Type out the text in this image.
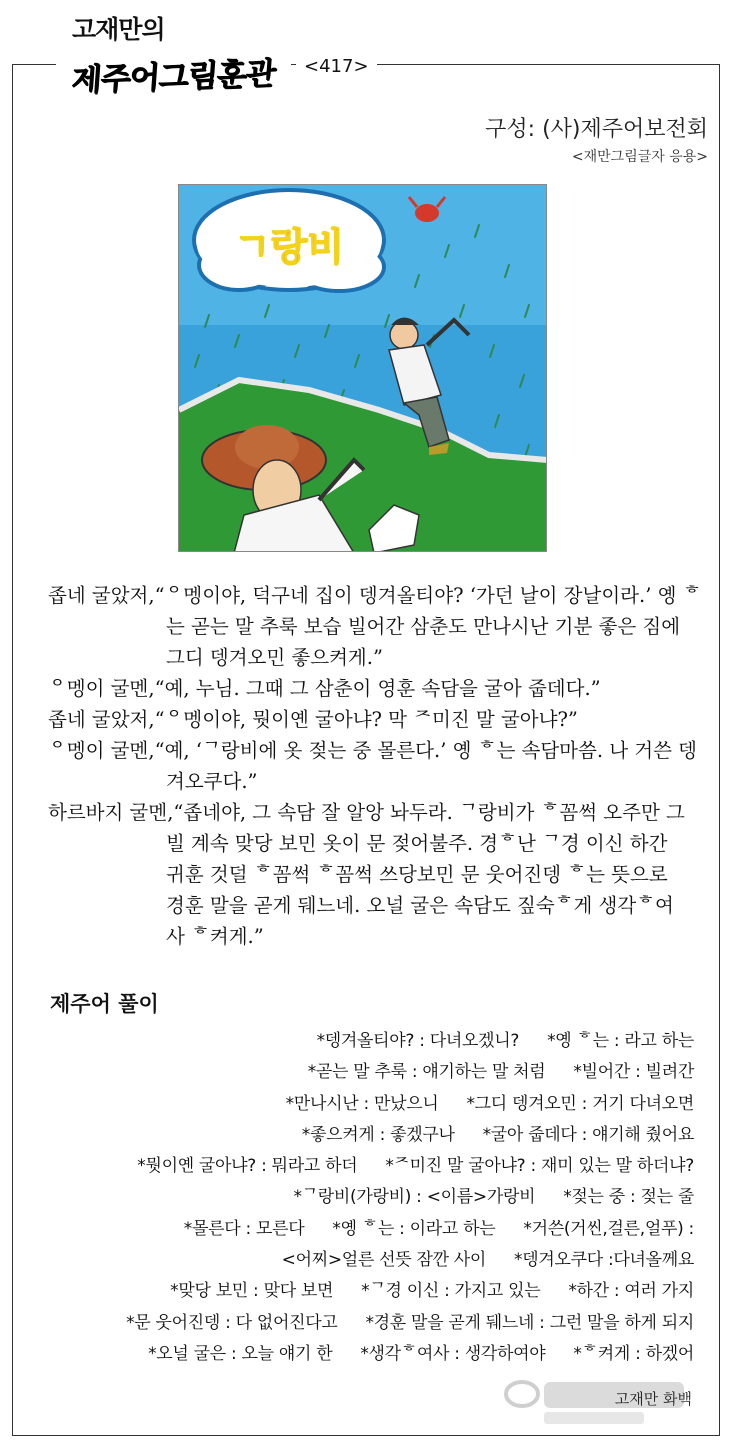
고재만의
제주어그림훈관	<417>
구성: (사)제주어보전회
<재만그림글자 응용>
ㄱ랑비
좁네 굴았저, “ᄋ멩이야, 덕구네 집이 뎅겨올티야? ‘가던 날이 장날이라.’ 옝 ᄒ
는 곧는 말 추룩 보습 빌어간 삼춘도 만나시난 기분 좋은 짐에
그디 뎅겨오민 좋으켜게.”
ᄋ멩이 굴멘, “예, 누님. 그때 그 삼춘이 영훈 속담을 굴아 줍데다.”
좁네 굴았저, “ᄋ멩이야, 뭣이옌 굴아냐? 막 ᄌ미진 말 굴아냐?”
ᄋ멩이 굴멘, “예, ‘ᄀ랑비에 옷 젖는 중 몰른다.’ 옝 ᄒ는 속담마씀. 나 거쓴 뎅
겨오쿠다.”
하르바지 굴멘, “좁네야, 그 속담 잘 알앙 놔두라. ᄀ랑비가 ᄒ꼼썩 오주만 그
빌 계속 맞당 보민 옷이 문 젖어불주. 경ᄒ난 ᄀ경 이신 하간
귀훈 것덜 ᄒ꼼썩 ᄒ꼼썩 쓰당보민 문 웃어진뎅 ᄒ는 뜻으로
경훈 말을 곧게 뒈느네. 오널 굴은 속담도 짚숙ᄒ게 생각ᄒ여
사 ᄒ켜게.”
제주어 풀이
*뎅겨올티야? : 다녀오겠니? *옝 ᄒ는 : 라고 하는
*곧는 말 추룩 : 얘기하는 말 처럼 *빌어간 : 빌려간
*만나시난 : 만났으니 *그디 뎅겨오민 : 거기 다녀오면
*좋으켜게 : 좋겠구나 *굴아 줍데다 : 얘기해 줬어요
*뭣이옌 굴아냐? : 뭐라고 하더 *ᄌ미진 말 굴아냐? : 재미 있는 말 하더냐?
*ᄀ랑비(가랑비) : <이름>가랑비 *젖는 중 : 젖는 줄
*몰른다 : 모른다 *옝 ᄒ는 : 이라고 하는 *거쓴(거씬,걸른,얼푸) :
<어찌>얼른 선뜻 잠깐 사이 *뎅겨오쿠다 :다녀올께요
*맞당 보민 : 맞다 보면 *ᄀ경 이신 : 가지고 있는 *하간 : 여러 가지
*문 웃어진뎅 : 다 없어진다고 *경훈 말을 곧게 뒈느네 : 그런 말을 하게 되지
*오널 굴은 : 오늘 얘기 한 *생각ᄒ여사 : 생각하여야 *ᄒ켜게 : 하겠어
고재만 화백
